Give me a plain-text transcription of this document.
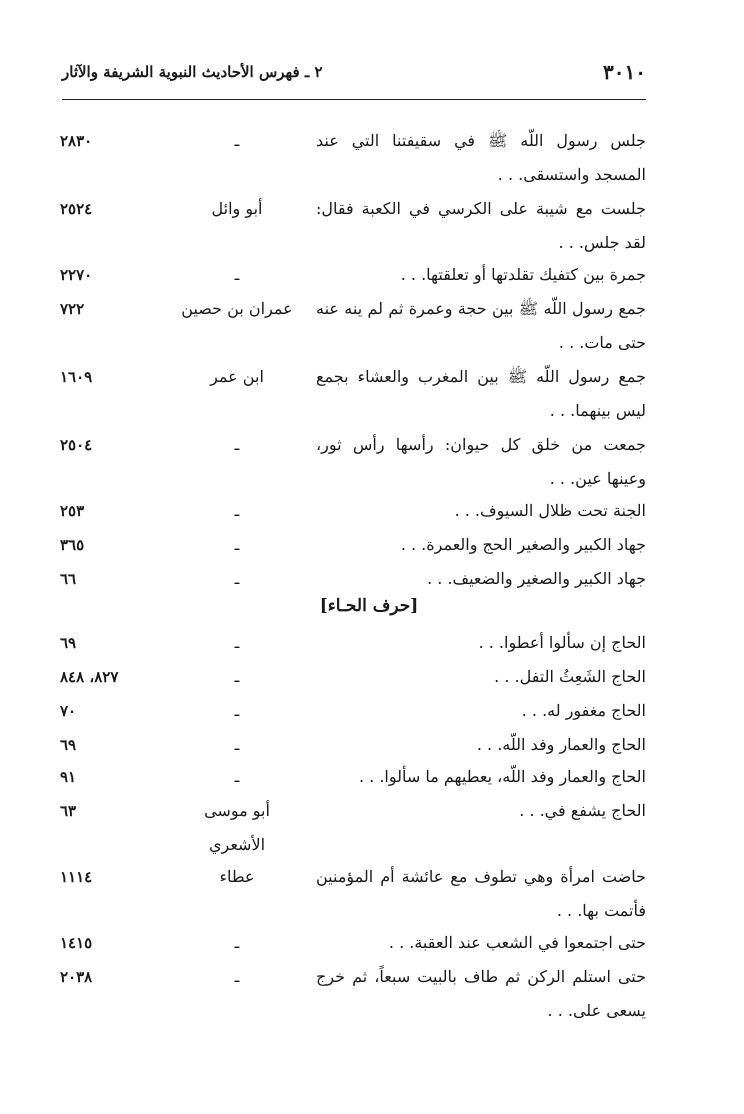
٣٠١٠
٢ ـ فهرس الأحاديث النبوية الشريفة والآثار
جلس رسول اللّه ﷺ في سقيفتنا التي عند المسجد واستسقى. . .
ـ
٢٨٣٠
جلست مع شيبة على الكرسي في الكعبة فقال: لقد جلس. . .
أبو وائل
٢٥٢٤
جمرة بين كتفيك تقلدتها أو تعلقتها. . .
ـ
٢٢٧٠
جمع رسول اللّه ﷺ بين حجة وعمرة ثم لم ينه عنه حتى مات. . .
عمران بن حصين
٧٢٢
جمع رسول اللّه ﷺ بين المغرب والعشاء بجمع ليس بينهما. . .
ابن عمر
١٦٠٩
جمعت من خلق كل حيوان: رأسها رأس ثور، وعينها عين. . .
ـ
٢٥٠٤
الجنة تحت ظلال السيوف. . .
ـ
٢٥٣
جهاد الكبير والصغير الحج والعمرة. . .
ـ
٣٦٥
جهاد الكبير والصغير والضعيف. . .
ـ
٦٦
[حرف الحـاء]
الحاج إن سألوا أعطوا. . .
ـ
٦٩
الحاج الشَعِثُ التفل. . .
ـ
٨٢٧، ٨٤٨
الحاج مغفور له. . .
ـ
٧٠
الحاج والعمار وفد اللّه. . .
ـ
٦٩
الحاج والعمار وفد اللّه، يعطيهم ما سألوا. . .
ـ
٩١
الحاج يشفع في. . .
أبو موسى الأشعري
٦٣
حاضت امرأة وهي تطوف مع عائشة أم المؤمنين فأتمت بها. . .
عطاء
١١١٤
حتى اجتمعوا في الشعب عند العقبة. . .
ـ
١٤١٥
حتى استلم الركن ثم طاف بالبيت سبعاً، ثم خرج يسعى على. . .
ـ
٢٠٣٨
